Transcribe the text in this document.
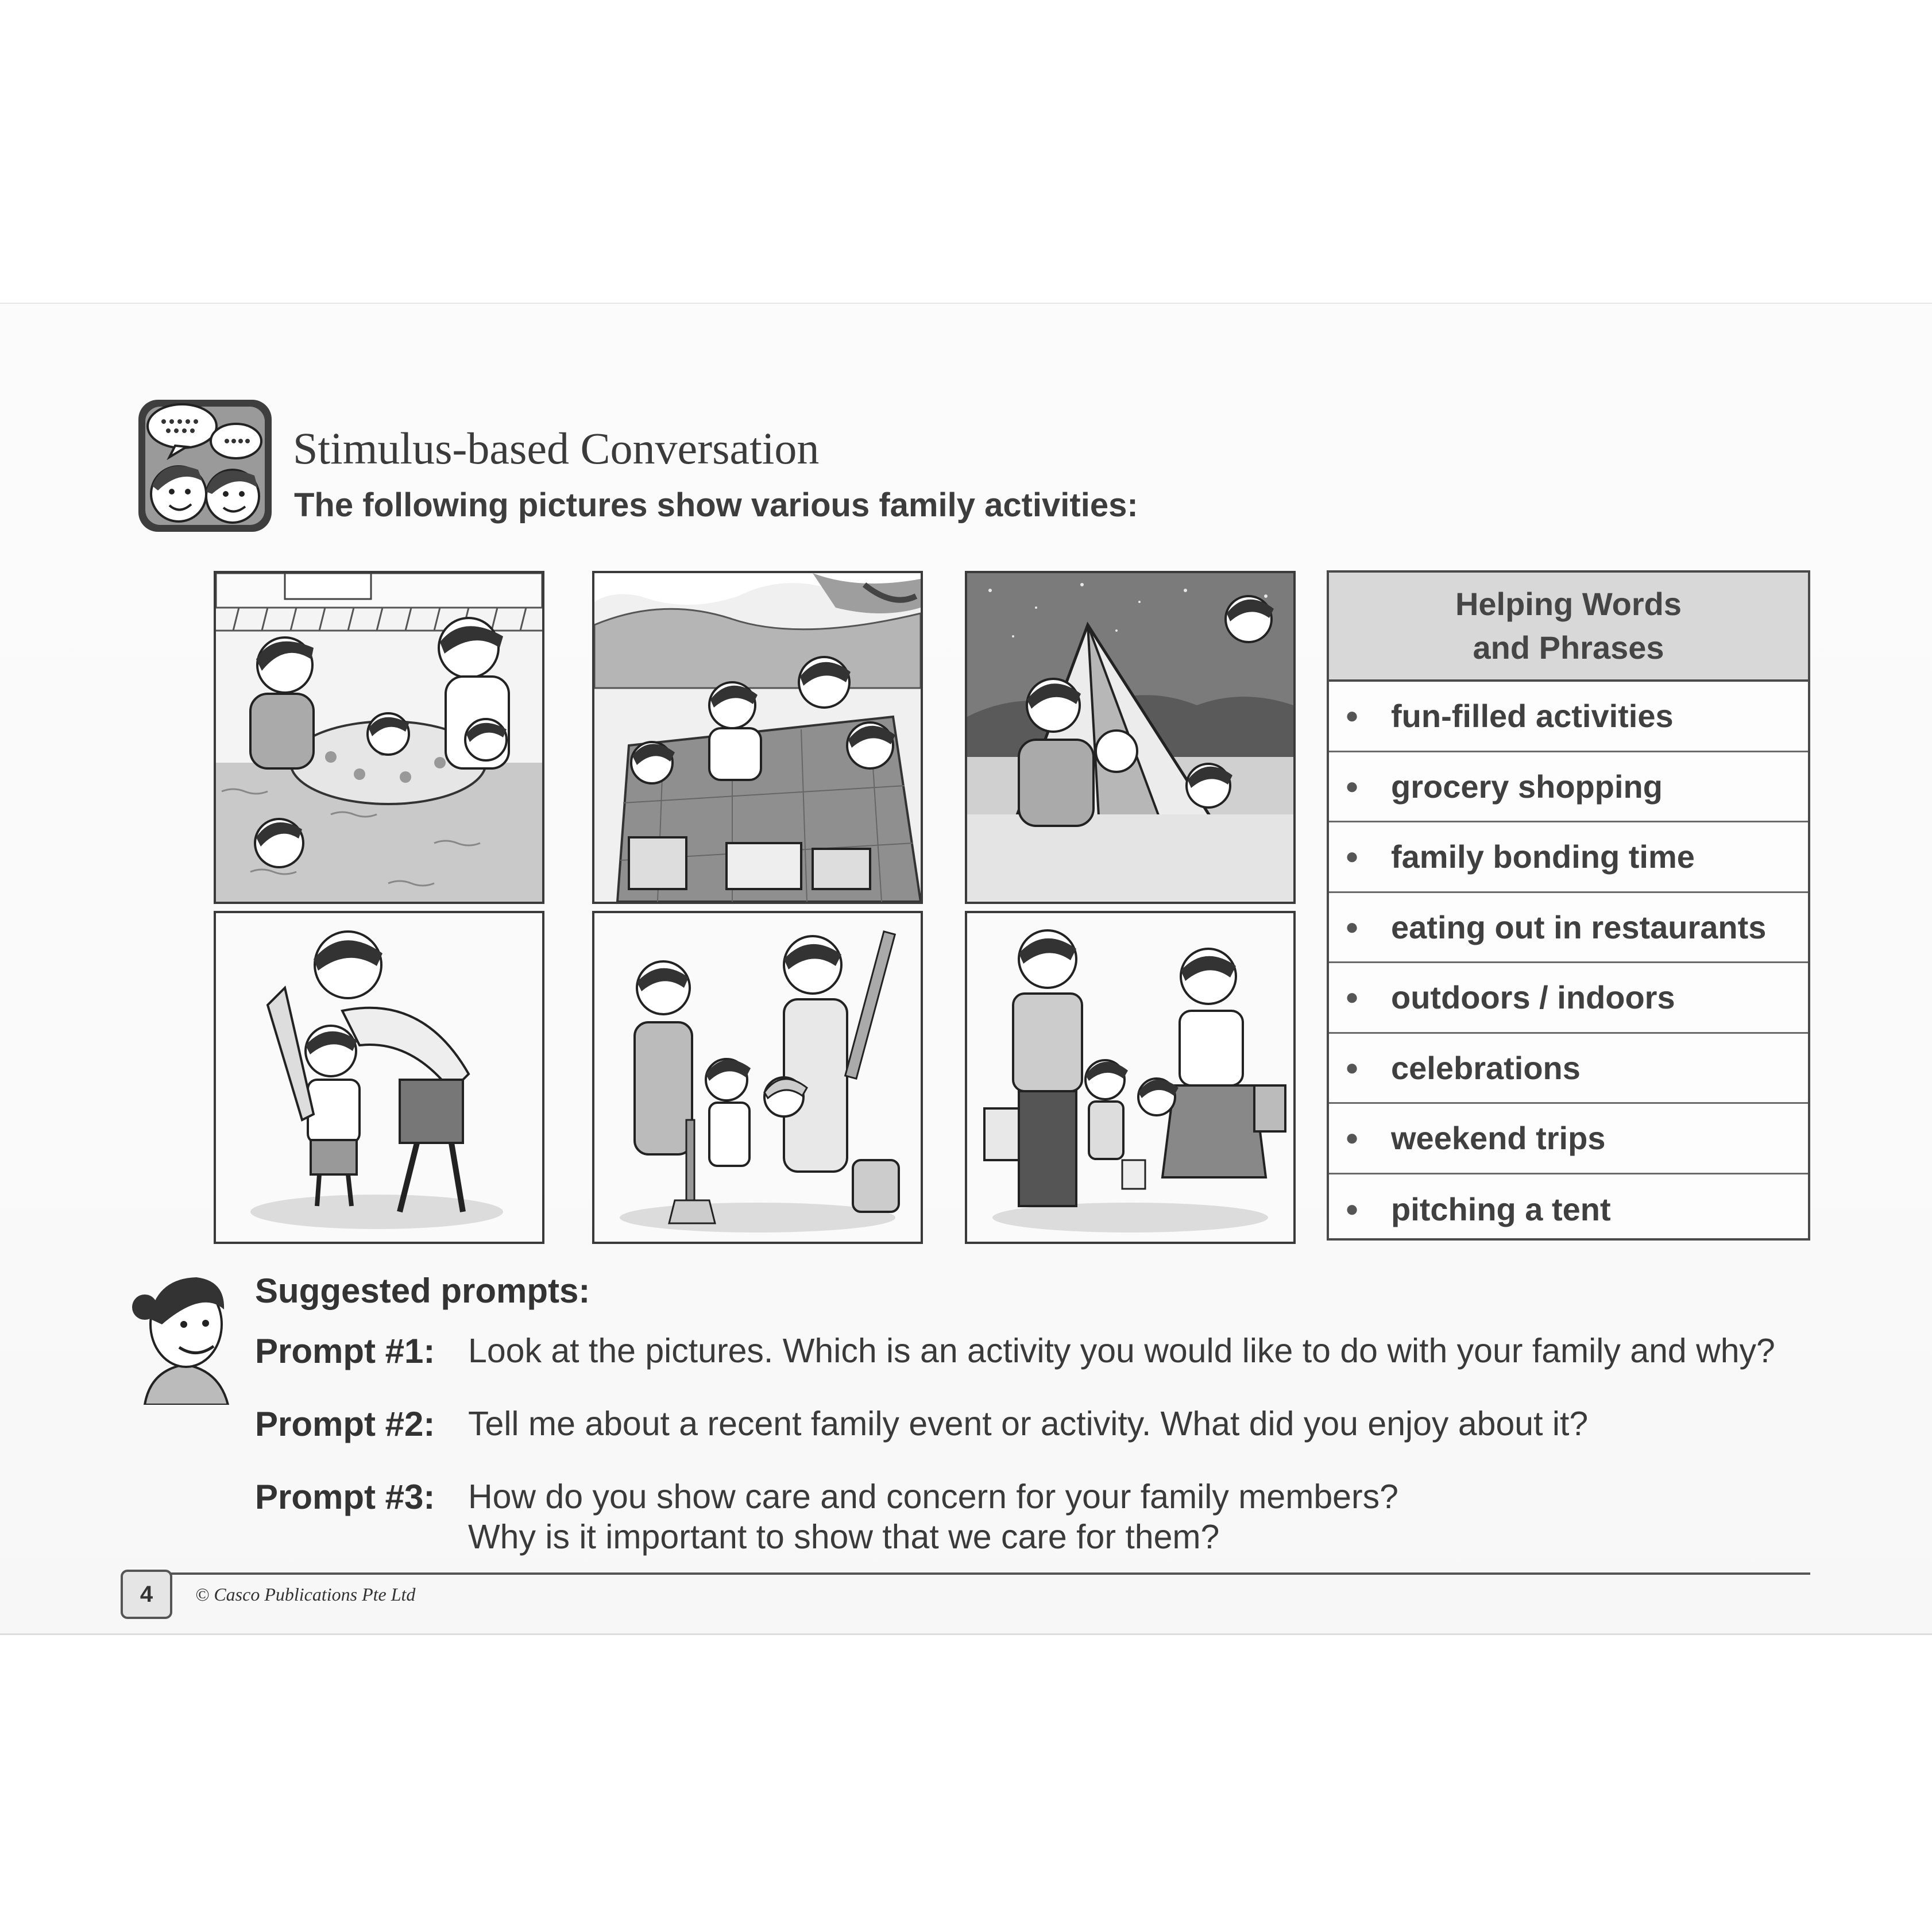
Stimulus-based Conversation
The following pictures show various family activities:
Helping Words
and Phrases
● fun-filled activities
● grocery shopping
● family bonding time
● eating out in restaurants
● outdoors / indoors
● celebrations
● weekend trips
● pitching a tent
Suggested prompts:
Prompt #1: Look at the pictures. Which is an activity you would like to do with your family and why?
Prompt #2: Tell me about a recent family event or activity. What did you enjoy about it?
Prompt #3: How do you show care and concern for your family members?
Why is it important to show that we care for them?
4	© Casco Publications Pte Ltd
